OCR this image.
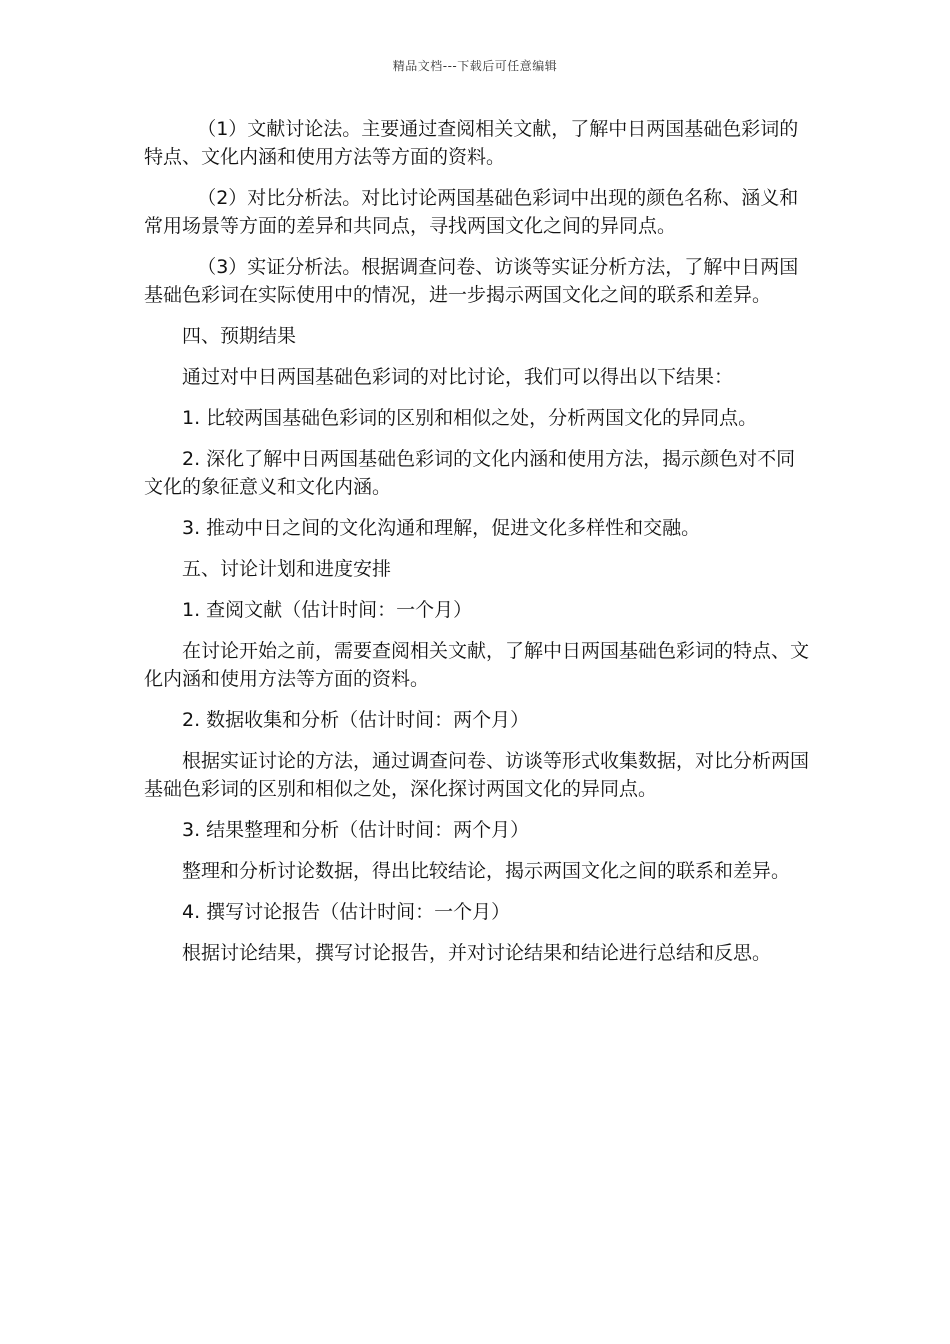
精品文档---下载后可任意编辑

（1）文献讨论法。主要通过查阅相关文献，了解中日两国基础色彩词的特点、文化内涵和使用方法等方面的资料。

（2）对比分析法。对比讨论两国基础色彩词中出现的颜色名称、涵义和常用场景等方面的差异和共同点，寻找两国文化之间的异同点。

（3）实证分析法。根据调查问卷、访谈等实证分析方法，了解中日两国基础色彩词在实际使用中的情况，进一步揭示两国文化之间的联系和差异。

四、预期结果

通过对中日两国基础色彩词的对比讨论，我们可以得出以下结果：

1. 比较两国基础色彩词的区别和相似之处，分析两国文化的异同点。

2. 深化了解中日两国基础色彩词的文化内涵和使用方法，揭示颜色对不同文化的象征意义和文化内涵。

3. 推动中日之间的文化沟通和理解，促进文化多样性和交融。

五、讨论计划和进度安排

1. 查阅文献（估计时间：一个月）

在讨论开始之前，需要查阅相关文献，了解中日两国基础色彩词的特点、文化内涵和使用方法等方面的资料。

2. 数据收集和分析（估计时间：两个月）

根据实证讨论的方法，通过调查问卷、访谈等形式收集数据，对比分析两国基础色彩词的区别和相似之处，深化探讨两国文化的异同点。

3. 结果整理和分析（估计时间：两个月）

整理和分析讨论数据，得出比较结论，揭示两国文化之间的联系和差异。

4. 撰写讨论报告（估计时间：一个月）

根据讨论结果，撰写讨论报告，并对讨论结果和结论进行总结和反思。
